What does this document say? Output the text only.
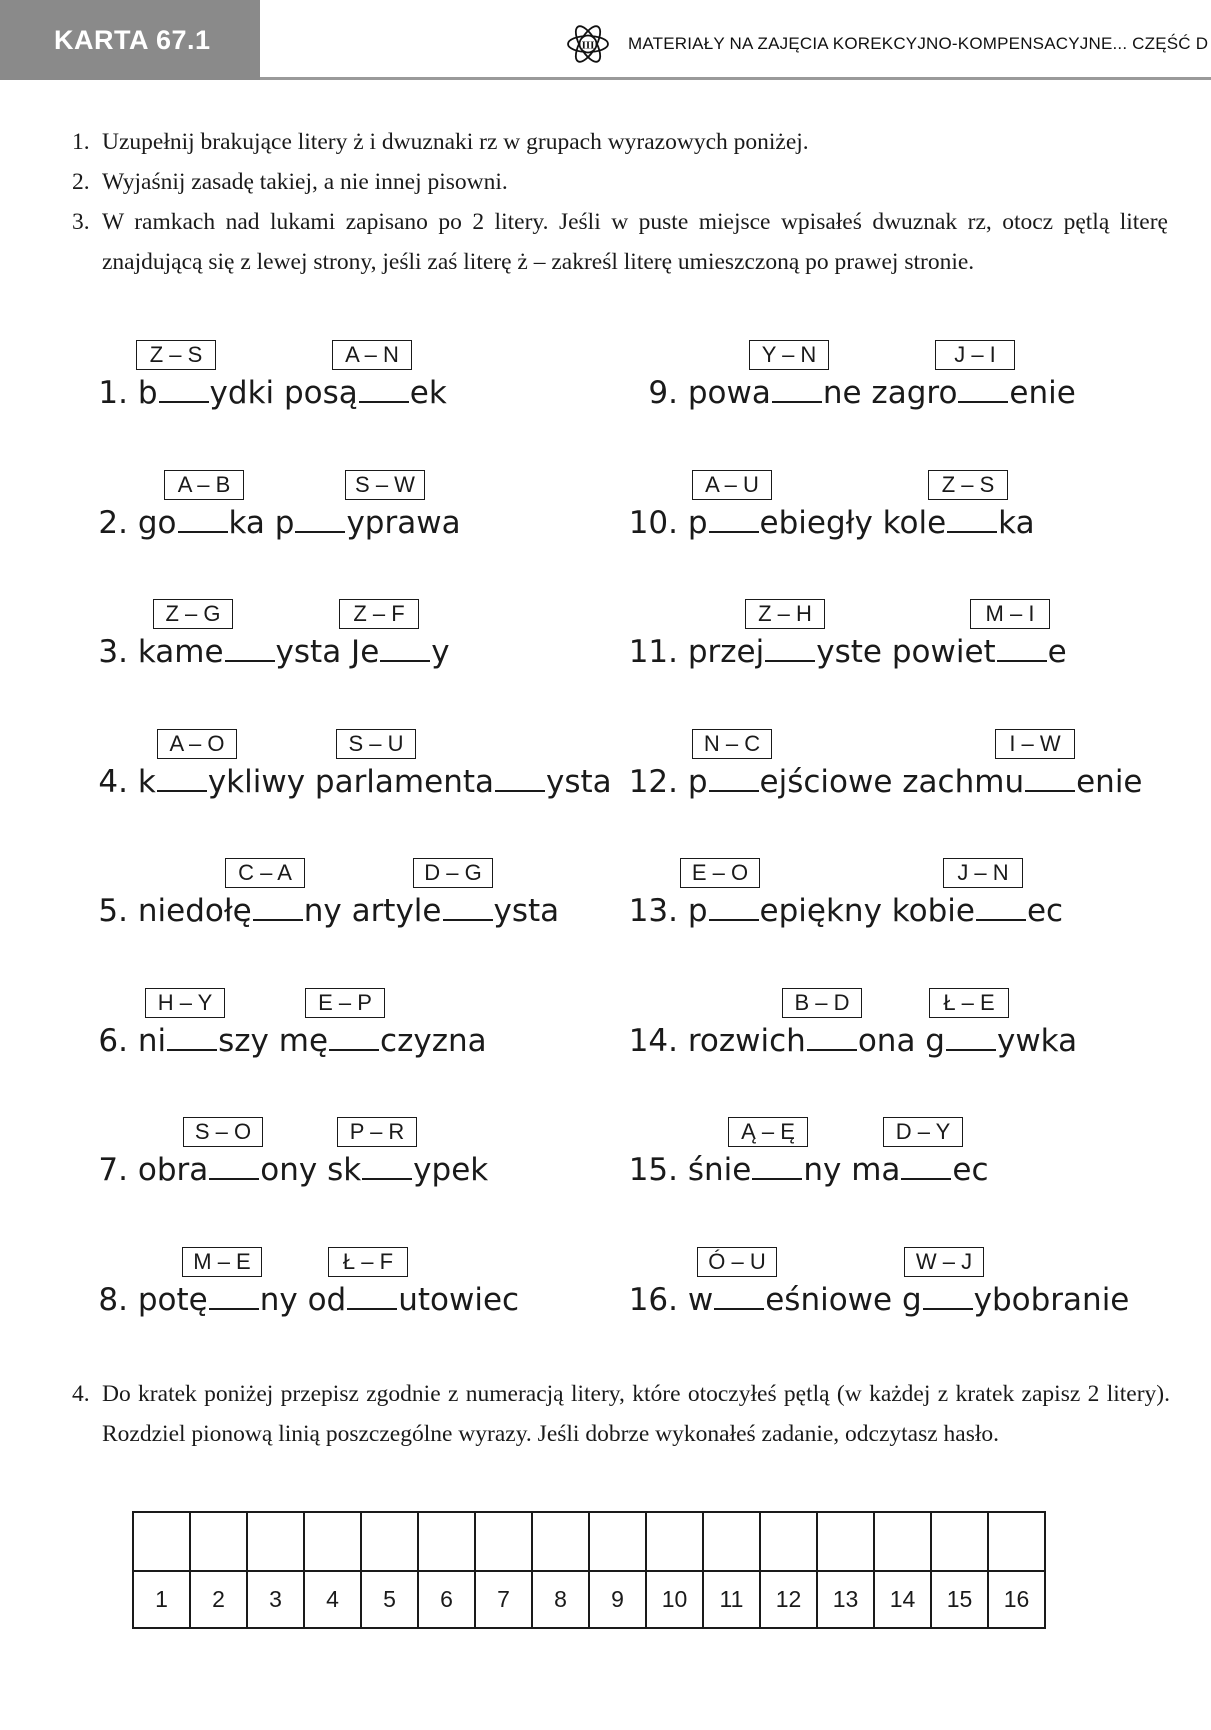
KARTA 67.1	III MATERIAŁY NA ZAJĘCIA KOREKCYJNO-KOMPENSACYJNE... CZĘŚĆ D
1. Uzupełnij brakujące litery ż i dwuznaki rz w grupach wyrazowych poniżej.
2. Wyjaśnij zasadę takiej, a nie innej pisowni.
3. W ramkach nad lukami zapisano po 2 litery. Jeśli w puste miejsce wpisałeś dwuznak rz, otocz pętlą literę znajdującą się z lewej strony, jeśli zaś literę ż – zakreśl literę umieszczoną po prawej stronie.
1. b ydki posą ek
Z – S	A – N
2. go ka p yprawa
A – B	S – W
3. kame ysta Je y
Z – G	Z – F
4. k ykliwy parlamenta ysta
A – O	S – U
5. niedołę ny artyle ysta
C – A	D – G
6. ni szy mę czyzna
H – Y	E – P
7. obra ony sk ypek
S – O	P – R
8. potę ny od utowiec
M – E	Ł – F
9. powa ne zagro enie
Y – N	J – I
10. p ebiegły kole ka
A – U	Z – S
11. przej yste powiet e
Z – H	M – I
12. p ejściowe zachmu enie
N – C	I – W
13. p epiękny kobie ec
E – O	J – N
14. rozwich ona g ywka
B – D	Ł – E
15. śnie ny ma ec
Ą – Ę	D – Y
16. w eśniowe g ybobranie
Ó – U	W – J
4. Do kratek poniżej przepisz zgodnie z numeracją litery, które otoczyłeś pętlą (w każdej z kratek zapisz 2 litery). Rozdziel pionową linią poszczególne wyrazy. Jeśli dobrze wykonałeś zadanie, odczytasz hasło.

1	2	3	4	5	6	7	8	9	10	11	12	13	14	15	16
